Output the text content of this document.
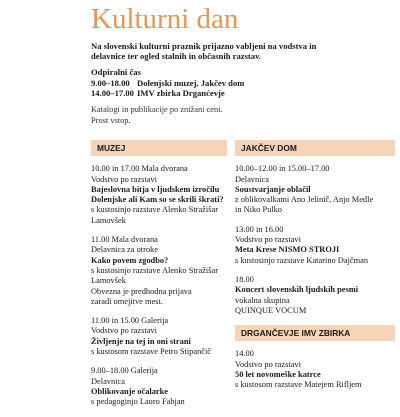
Kulturni dan
Na slovenski kulturni praznik prijazno vabljeni na vodstva in delavnice ter ogled stalnih in občasnih razstav.
Odpiralni čas
9.00–18.00 Dolenjski muzej, Jakčev dom
14.00–17.00 IMV zbirka Drganćevje
Katalogi in publikacije po znižani ceni.
Prost vstop.
MUZEJ
10.00 in 17.00 Mala dvorana
Vodstvo po razstavi
Bajeslovna bitja v ljudskem izročilu
Dolenjske ali Kam so se skrili škrati?
s kustosinjo razstave Alenko Stražišar
Lamovšek
11.00 Mala dvorana
Delavnica za otroke
Kako povem zgodbo?
s kustosinjo razstave Alenko Stražišar
Lamovšek
Obvezna je predhodna prijava
zaradi omejitve mest.
11.00 in 15.00 Galerija
Vodstvo po razstavi
Življenje na tej in oni strani
s kustosom razstave Petro Stipančič
9.00–18.00 Galerija
Delavnica
Oblikovanje očalarke
s pedagoginjo Lauro Fabjan
JAKČEV DOM
10.00–12.00 in 15.00–17.00
Delavnica
Soustvarjanje oblačil
z oblikovalkami Ano Jelinič, Anjo Medle
in Niko Pulko
13.00 in 16.00
Vodstvo po razstavi
Meta Krese NISMO STROJI
s kustosinjo razstave Katarino Dajčman
18.00
Koncert slovenskih ljudskih pesmi
vokalna skupina
QUINQUE VOCUM
DRGANČEVJE IMV ZBIRKA
14.00
Vodstvo po razstavi
50 let novomeške katrce
s kustosom razstave Matejem Rifljem
